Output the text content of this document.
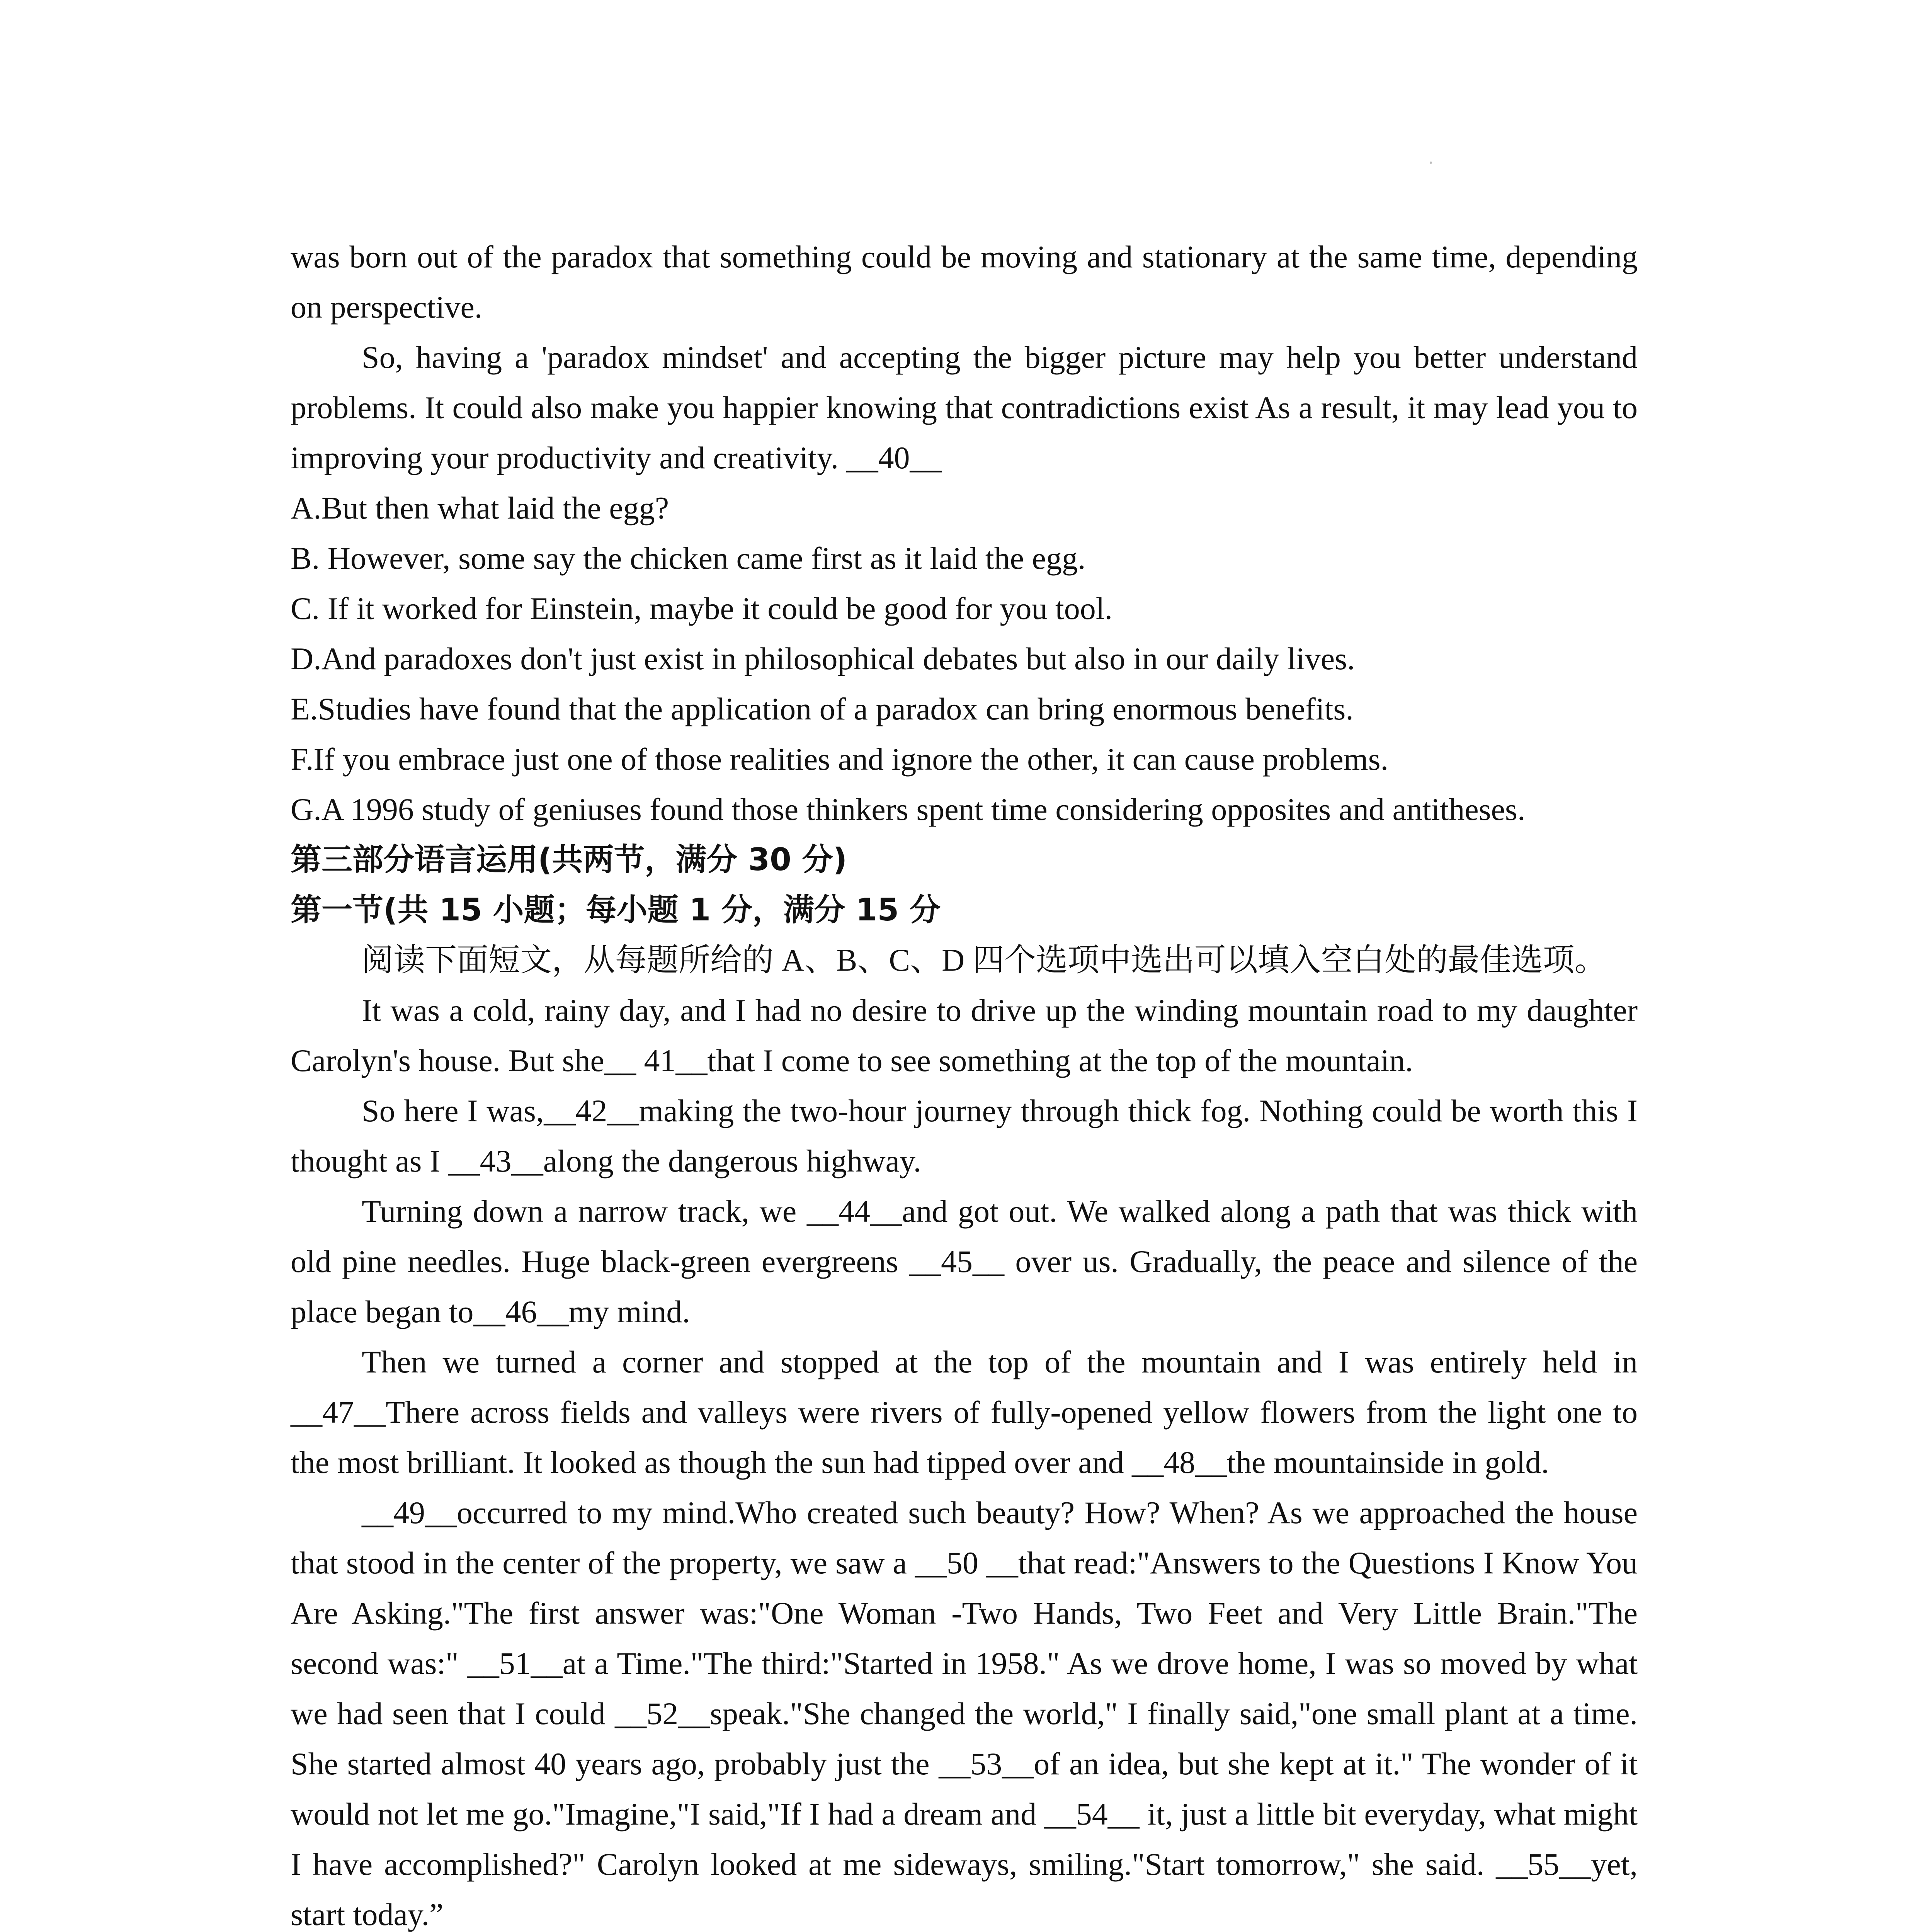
was born out of the paradox that something could be moving and stationary at the same time, depending on perspective.

So, having a 'paradox mindset' and accepting the bigger picture may help you better understand problems. It could also make you happier knowing that contradictions exist As a result, it may lead you to improving your productivity and creativity. __40__

A.But then what laid the egg?

B. However, some say the chicken came first as it laid the egg.

C. If it worked for Einstein, maybe it could be good for you tool.

D.And paradoxes don't just exist in philosophical debates but also in our daily lives.

E.Studies have found that the application of a paradox can bring enormous benefits.

F.If you embrace just one of those realities and ignore the other, it can cause problems.

G.A 1996 study of geniuses found those thinkers spent time considering opposites and antitheses.

第三部分语言运用(共两节，满分 30 分)

第一节(共 15 小题；每小题 1 分，满分 15 分

阅读下面短文，从每题所给的 A、B、C、D 四个选项中选出可以填入空白处的最佳选项。

It was a cold, rainy day, and I had no desire to drive up the winding mountain road to my daughter Carolyn's house. But she__ 41__that I come to see something at the top of the mountain.

So here I was,__42__making the two-hour journey through thick fog. Nothing could be worth this I thought as I __43__along the dangerous highway.

Turning down a narrow track, we __44__and got out. We walked along a path that was thick with old pine needles. Huge black-green evergreens __45__ over us. Gradually, the peace and silence of the place began to__46__my mind.

Then we turned a corner and stopped at the top of the mountain and I was entirely held in __47__There across fields and valleys were rivers of fully-opened yellow flowers from the light one to the most brilliant. It looked as though the sun had tipped over and __48__the mountainside in gold.

__49__occurred to my mind.Who created such beauty? How? When? As we approached the house that stood in the center of the property, we saw a __50 __that read:"Answers to the Questions I Know You Are Asking."The first answer was:"One Woman -Two Hands, Two Feet and Very Little Brain."The second was:" __51__at a Time."The third:"Started in 1958." As we drove home, I was so moved by what we had seen that I could __52__speak."She changed the world," I finally said,"one small plant at a time. She started almost 40 years ago, probably just the __53__of an idea, but she kept at it." The wonder of it would not let me go."Imagine,"I said,"If I had a dream and __54__ it, just a little bit everyday, what might I have accomplished?" Carolyn looked at me sideways, smiling."Start tomorrow," she said. __55__yet, start today.”
